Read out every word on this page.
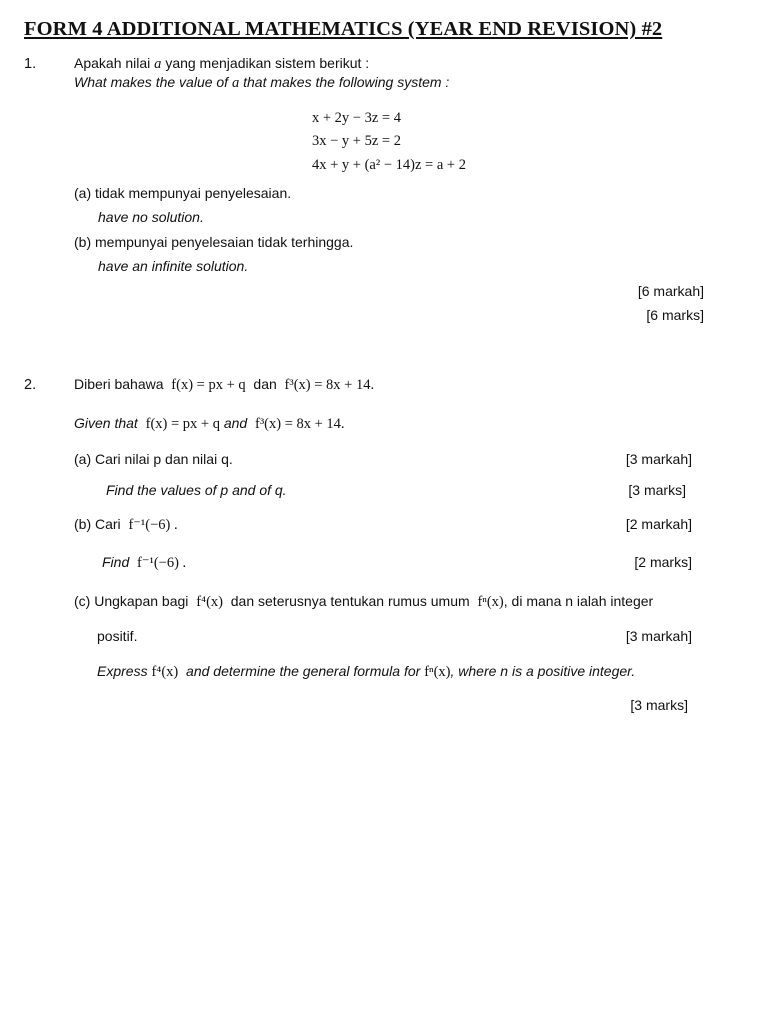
FORM 4 ADDITIONAL MATHEMATICS (YEAR END REVISION) #2
1.	Apakah nilai a yang menjadikan sistem berikut :
What makes the value of a that makes the following system :
x + 2y − 3z = 4
3x − y + 5z = 2
4x + y + (a² − 14)z = a + 2
(a) tidak mempunyai penyelesaian.
have no solution.
(b) mempunyai penyelesaian tidak terhingga.
have an infinite solution.
[6 markah]
[6 marks]
2.	Diberi bahawa f(x) = px + q dan f³(x) = 8x + 14.
Given that f(x) = px + q and f³(x) = 8x + 14.
(a) Cari nilai p dan nilai q.	[3 markah]
Find the values of p and of q.	[3 marks]
(b) Cari f⁻¹(−6) .	[2 markah]
Find f⁻¹(−6) .	[2 marks]
(c) Ungkapan bagi f⁴(x) dan seterusnya tentukan rumus umum fⁿ(x), di mana n ialah integer
positif.	[3 markah]
Express f⁴(x) and determine the general formula for fⁿ(x), where n is a positive integer.
[3 marks]
